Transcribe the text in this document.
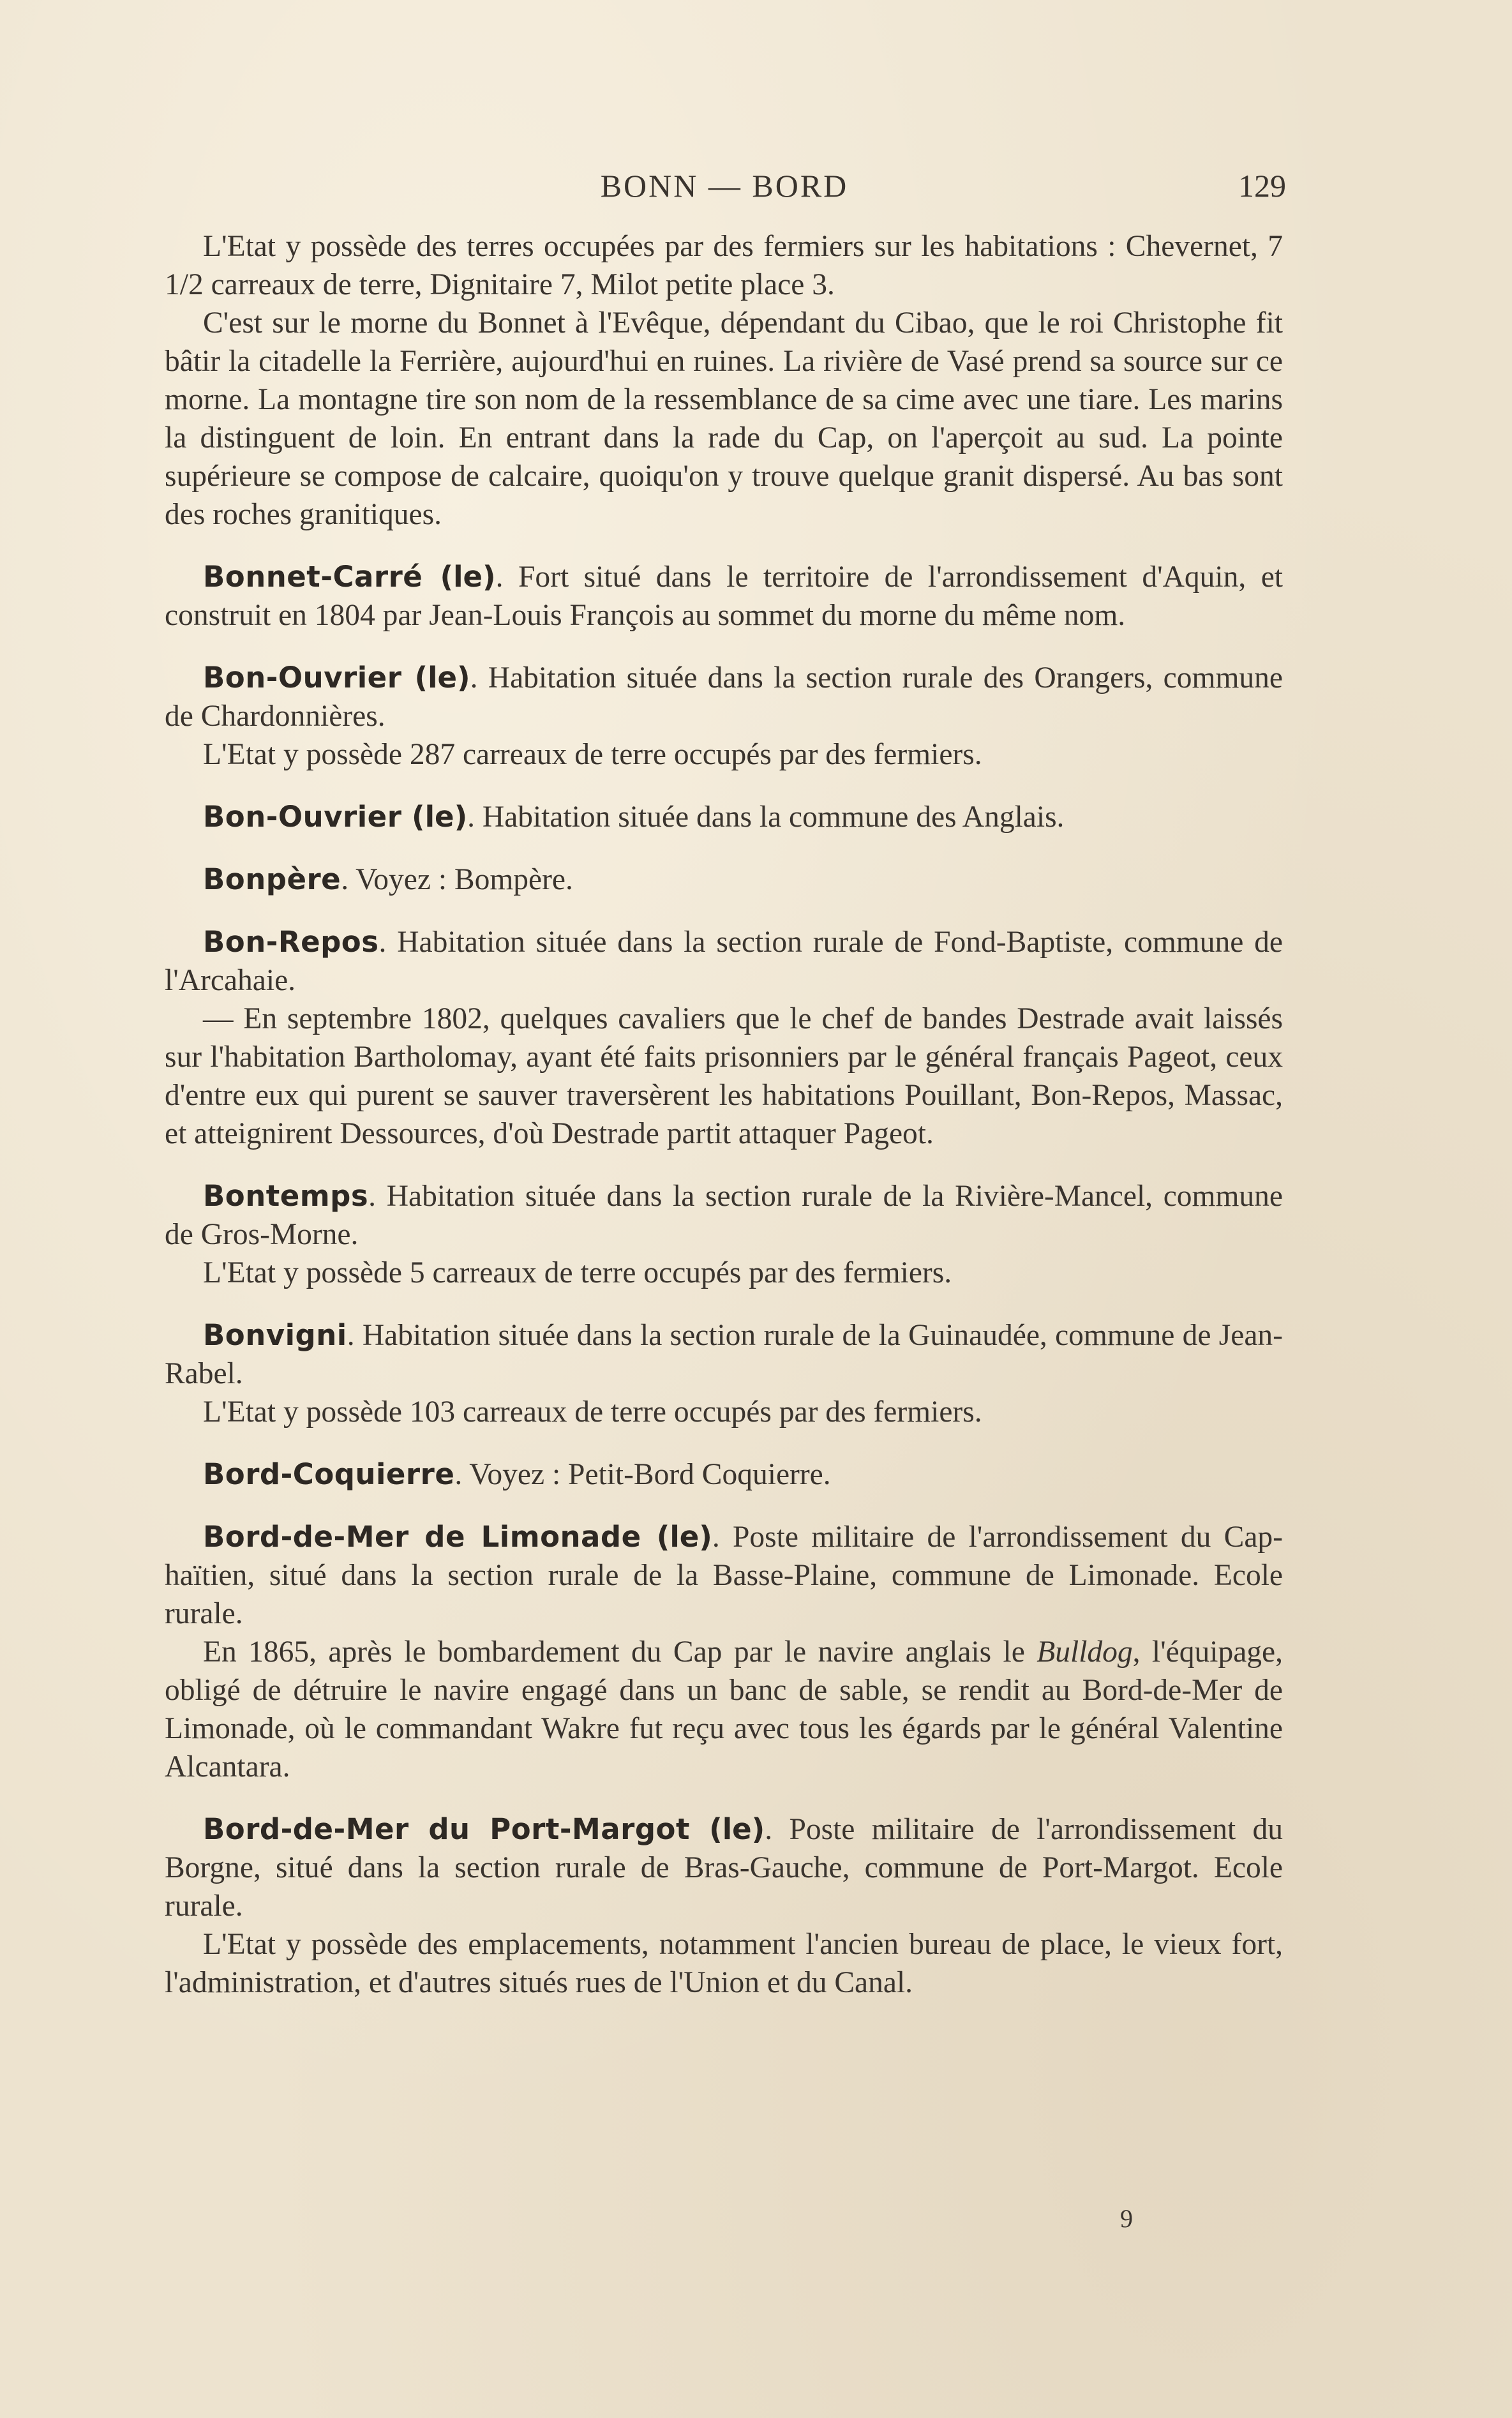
BONN — BORD	129

L'Etat y possède des terres occupées par des fermiers sur les habitations : Chevernet, 7 1/2 carreaux de terre, Dignitaire 7, Milot petite place 3.

C'est sur le morne du Bonnet à l'Evêque, dépendant du Cibao, que le roi Christophe fit bâtir la citadelle la Ferrière, aujourd'hui en ruines. La rivière de Vasé prend sa source sur ce morne. La montagne tire son nom de la ressemblance de sa cime avec une tiare. Les marins la distinguent de loin. En entrant dans la rade du Cap, on l'aperçoit au sud. La pointe supérieure se compose de calcaire, quoiqu'on y trouve quelque granit dispersé. Au bas sont des roches granitiques.

Bonnet-Carré (le). Fort situé dans le territoire de l'arrondissement d'Aquin, et construit en 1804 par Jean-Louis François au sommet du morne du même nom.

Bon-Ouvrier (le). Habitation située dans la section rurale des Orangers, commune de Chardonnières.

L'Etat y possède 287 carreaux de terre occupés par des fermiers.

Bon-Ouvrier (le). Habitation située dans la commune des Anglais.

Bonpère. Voyez : Bompère.

Bon-Repos. Habitation située dans la section rurale de Fond-Baptiste, commune de l'Arcahaie.

— En septembre 1802, quelques cavaliers que le chef de bandes Destrade avait laissés sur l'habitation Bartholomay, ayant été faits prisonniers par le général français Pageot, ceux d'entre eux qui purent se sauver traversèrent les habitations Pouillant, Bon-Repos, Massac, et atteignirent Dessources, d'où Destrade partit attaquer Pageot.

Bontemps. Habitation située dans la section rurale de la Rivière-Mancel, commune de Gros-Morne.

L'Etat y possède 5 carreaux de terre occupés par des fermiers.

Bonvigni. Habitation située dans la section rurale de la Guinaudée, commune de Jean-Rabel.

L'Etat y possède 103 carreaux de terre occupés par des fermiers.

Bord-Coquierre. Voyez : Petit-Bord Coquierre.

Bord-de-Mer de Limonade (le). Poste militaire de l'arrondissement du Cap-haïtien, situé dans la section rurale de la Basse-Plaine, commune de Limonade. Ecole rurale.

En 1865, après le bombardement du Cap par le navire anglais le Bulldog, l'équipage, obligé de détruire le navire engagé dans un banc de sable, se rendit au Bord-de-Mer de Limonade, où le commandant Wakre fut reçu avec tous les égards par le général Valentine Alcantara.

Bord-de-Mer du Port-Margot (le). Poste militaire de l'arrondissement du Borgne, situé dans la section rurale de Bras-Gauche, commune de Port-Margot. Ecole rurale.

L'Etat y possède des emplacements, notamment l'ancien bureau de place, le vieux fort, l'administration, et d'autres situés rues de l'Union et du Canal.

9
